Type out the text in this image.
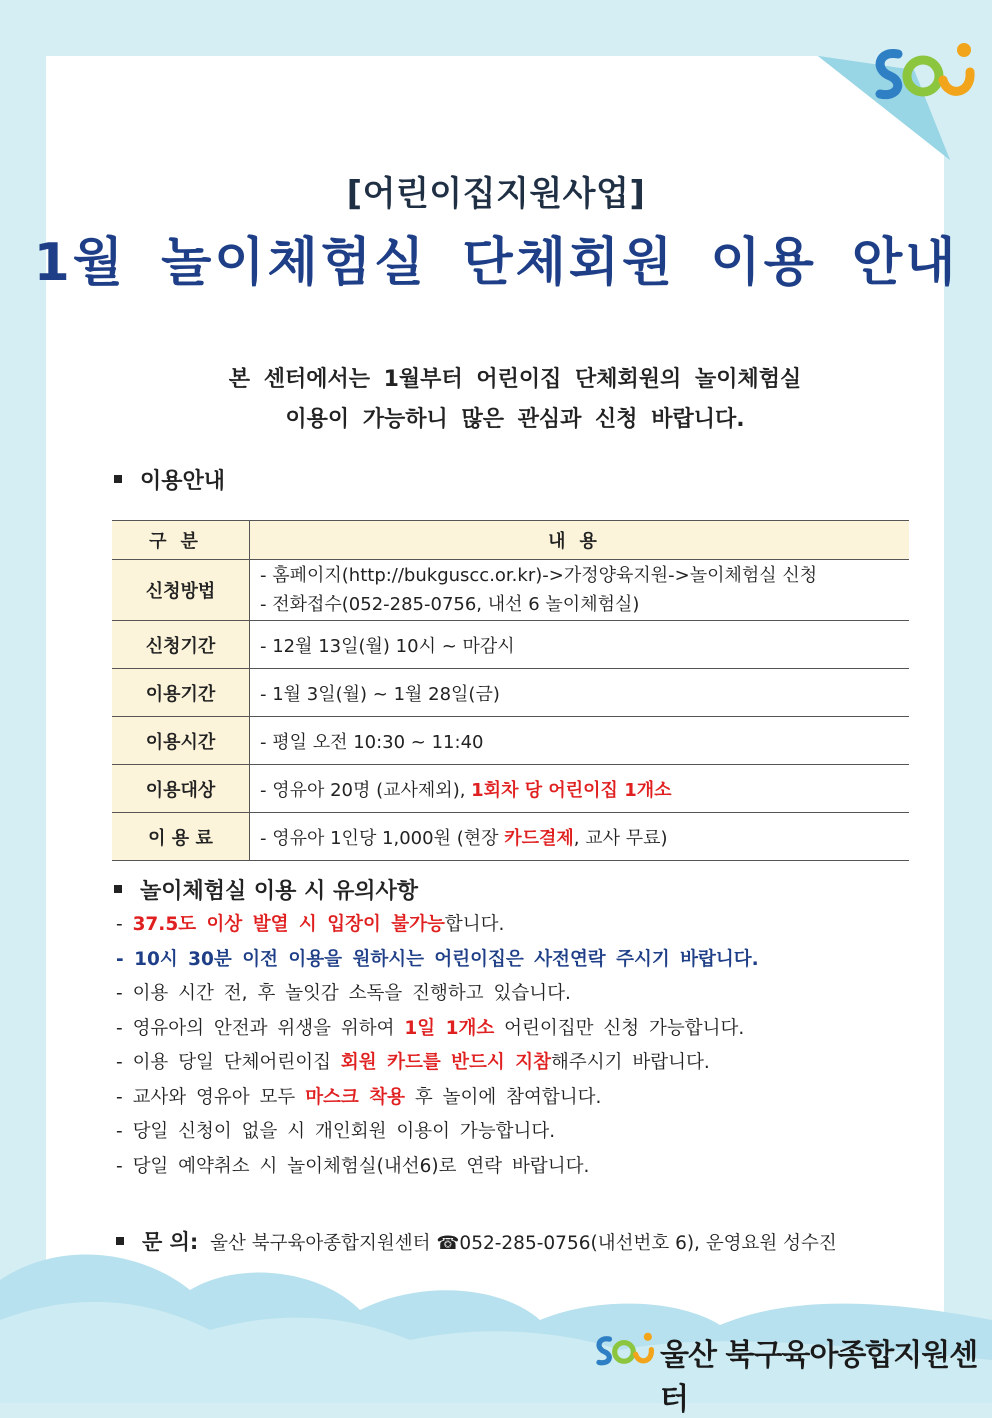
[어린이집지원사업]
1월 놀이체험실 단체회원 이용 안내
본 센터에서는 1월부터 어린이집 단체회원의 놀이체험실
이용이 가능하니 많은 관심과 신청 바랍니다.
이용안내
구분	내용
신청방법	- 홈페이지(http://bukguscc.or.kr)->가정양육지원->놀이체험실 신청
- 전화접수(052-285-0756, 내선 6 놀이체험실)

신청기간	- 12월 13일(월) 10시 ~ 마감시
이용기간	- 1월 3일(월) ~ 1월 28일(금)
이용시간	- 평일 오전 10:30 ~ 11:40
이용대상	- 영유아 20명 (교사제외), 1회차 당 어린이집 1개소
이 용 료	- 영유아 1인당 1,000원 (현장 카드결제, 교사 무료)
놀이체험실 이용 시 유의사항
- 37.5도 이상 발열 시 입장이 불가능합니다.
- 10시 30분 이전 이용을 원하시는 어린이집은 사전연락 주시기 바랍니다.
- 이용 시간 전, 후 놀잇감 소독을 진행하고 있습니다.
- 영유아의 안전과 위생을 위하여 1일 1개소 어린이집만 신청 가능합니다.
- 이용 당일 단체어린이집 회원 카드를 반드시 지참해주시기 바랍니다.
- 교사와 영유아 모두 마스크 착용 후 놀이에 참여합니다.
- 당일 신청이 없을 시 개인회원 이용이 가능합니다.
- 당일 예약취소 시 놀이체험실(내선6)로 연락 바랍니다.
문 의: 울산 북구육아종합지원센터 ☎052-285-0756(내선번호 6), 운영요원 성수진
울산 북구육아종합지원센터
